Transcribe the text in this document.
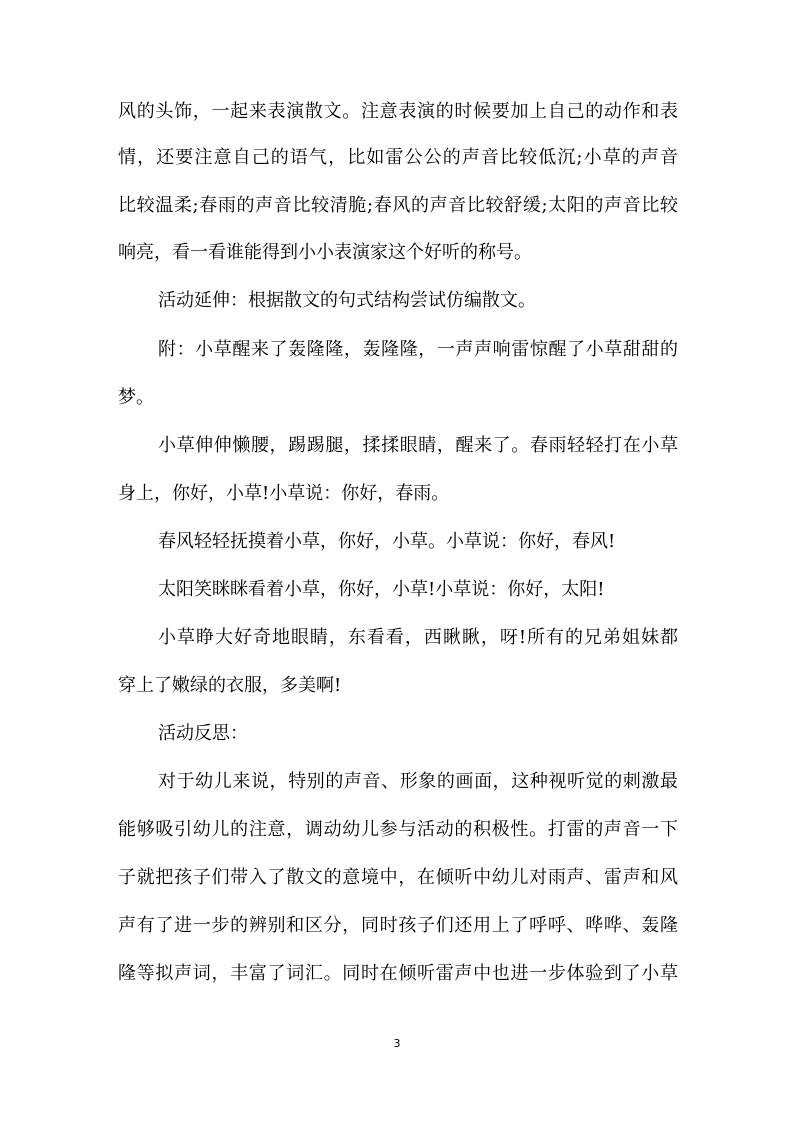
风的头饰，一起来表演散文。注意表演的时候要加上自己的动作和表
情，还要注意自己的语气，比如雷公公的声音比较低沉;小草的声音
比较温柔;春雨的声音比较清脆;春风的声音比较舒缓;太阳的声音比较
响亮，看一看谁能得到小小表演家这个好听的称号。
活动延伸：根据散文的句式结构尝试仿编散文。
附：小草醒来了轰隆隆，轰隆隆，一声声响雷惊醒了小草甜甜的
梦。
小草伸伸懒腰，踢踢腿，揉揉眼睛，醒来了。春雨轻轻打在小草
身上，你好，小草!小草说：你好，春雨。
春风轻轻抚摸着小草，你好，小草。小草说：你好，春风!
太阳笑眯眯看着小草，你好，小草!小草说：你好，太阳!
小草睁大好奇地眼睛，东看看，西瞅瞅，呀!所有的兄弟姐妹都
穿上了嫩绿的衣服，多美啊!
活动反思：
对于幼儿来说，特别的声音、形象的画面，这种视听觉的刺激最
能够吸引幼儿的注意，调动幼儿参与活动的积极性。打雷的声音一下
子就把孩子们带入了散文的意境中，在倾听中幼儿对雨声、雷声和风
声有了进一步的辨别和区分，同时孩子们还用上了呼呼、哗哗、轰隆
隆等拟声词，丰富了词汇。同时在倾听雷声中也进一步体验到了小草
3
